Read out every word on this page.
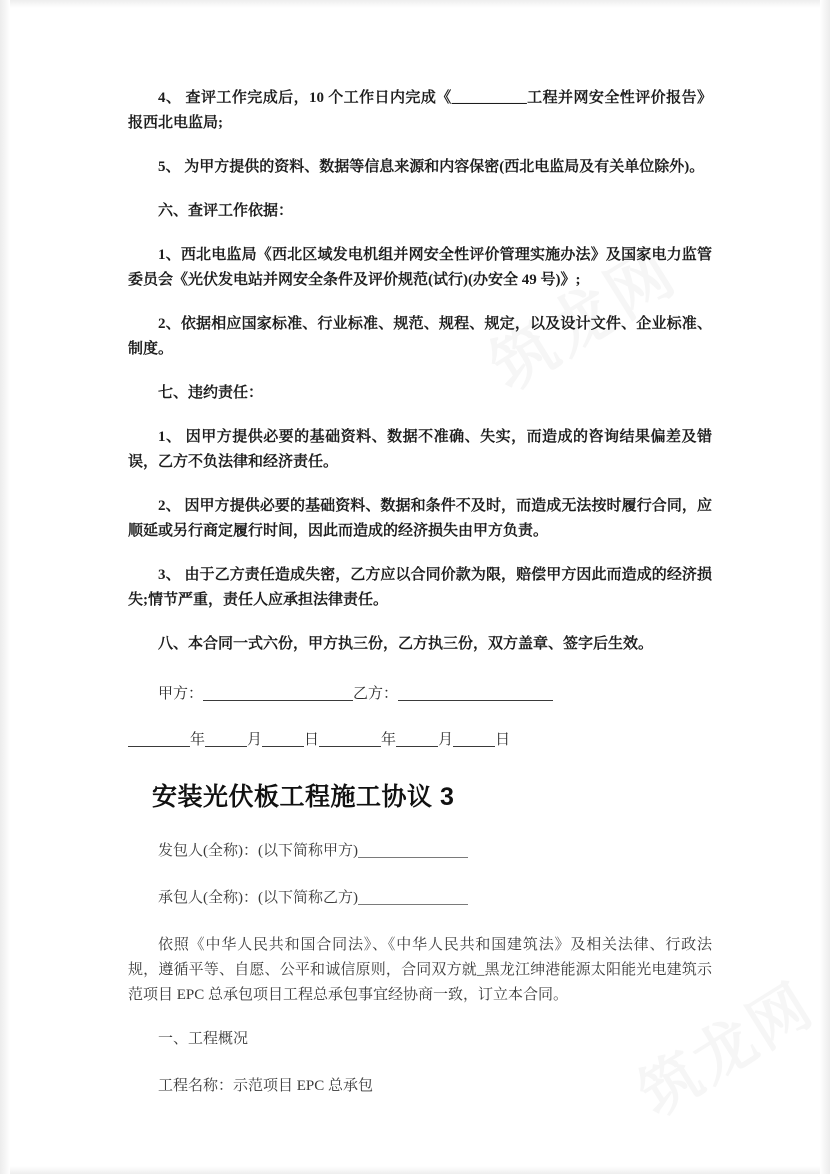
4、 查评工作完成后，10 个工作日内完成《__________工程并网安全性评价报告》报西北电监局;

5、 为甲方提供的资料、数据等信息来源和内容保密(西北电监局及有关单位除外)。

六、查评工作依据：

1、西北电监局《西北区域发电机组并网安全性评价管理实施办法》及国家电力监管委员会《光伏发电站并网安全条件及评价规范(试行)(办安全 49 号)》;

2、依据相应国家标准、行业标准、规范、规程、规定，以及设计文件、企业标准、制度。

七、违约责任：

1、 因甲方提供必要的基础资料、数据不准确、失实，而造成的咨询结果偏差及错误，乙方不负法律和经济责任。

2、 因甲方提供必要的基础资料、数据和条件不及时，而造成无法按时履行合同，应顺延或另行商定履行时间，因此而造成的经济损失由甲方负责。

3、 由于乙方责任造成失密，乙方应以合同价款为限，赔偿甲方因此而造成的经济损失;情节严重，责任人应承担法律责任。

八、本合同一式六份，甲方执三份，乙方执三份，双方盖章、签字后生效。

甲方：	乙方：

年	月	日	年	月	日

安装光伏板工程施工协议 3

发包人(全称)：(以下简称甲方)

承包人(全称)：(以下简称乙方)

依照《中华人民共和国合同法》、《中华人民共和国建筑法》及相关法律、行政法规，遵循平等、自愿、公平和诚信原则，合同双方就_黑龙江绅港能源太阳能光电建筑示范项目 EPC 总承包项目工程总承包事宜经协商一致，订立本合同。

一、工程概况

工程名称：示范项目 EPC 总承包
